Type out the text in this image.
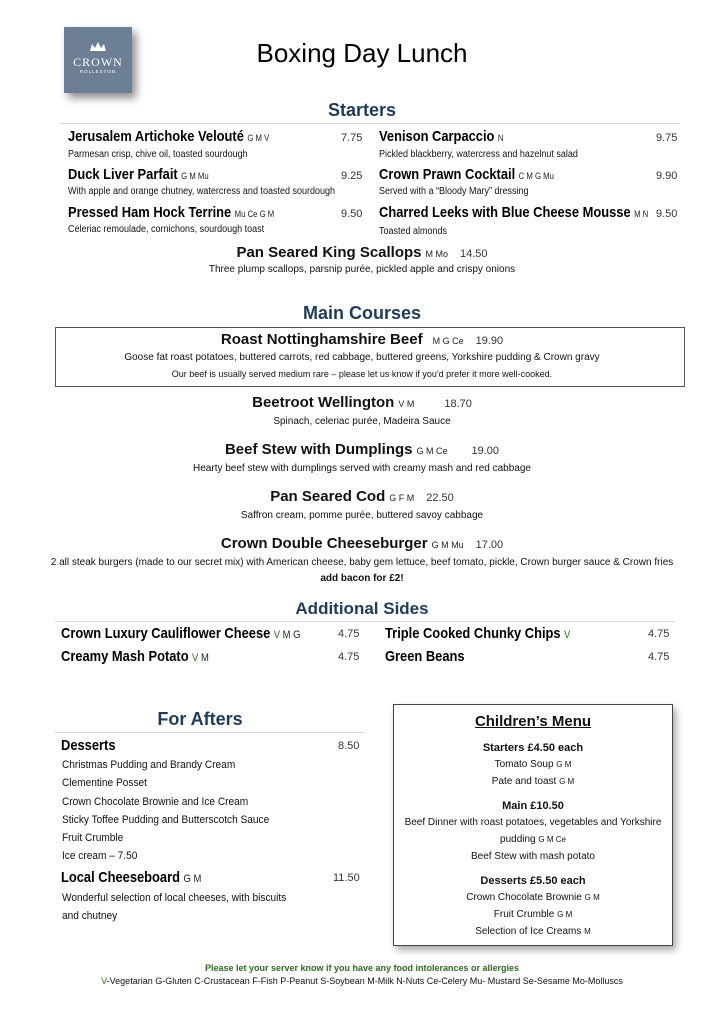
CROWN
ROLLESTON
Boxing Day Lunch
Starters
Jerusalem Artichoke Velouté G M V	7.75
Parmesan crisp, chive oil, toasted sourdough
Duck Liver Parfait G M Mu	9.25
With apple and orange chutney, watercress and toasted sourdough
Pressed Ham Hock Terrine Mu Ce G M	9.50
Celeriac remoulade, cornichons, sourdough toast
Venison Carpaccio N	9.75
Pickled blackberry, watercress and hazelnut salad
Crown Prawn Cocktail C M G Mu	9.90
Served with a “Bloody Mary” dressing
Charred Leeks with Blue Cheese Mousse M N 9.50
Toasted almonds
Pan Seared King Scallops M Mo 14.50
Three plump scallops, parsnip purée, pickled apple and crispy onions
Main Courses
Roast Nottinghamshire Beef M G Ce 19.90
Goose fat roast potatoes, buttered carrots, red cabbage, buttered greens, Yorkshire pudding & Crown gravy
Our beef is usually served medium rare – please let us know if you'd prefer it more well-cooked.
Beetroot Wellington V M	18.70
Spinach, celeriac purée, Madeira Sauce
Beef Stew with Dumplings G M Ce 19.00
Hearty beef stew with dumplings served with creamy mash and red cabbage
Pan Seared Cod G F M 22.50
Saffron cream, pomme purée, buttered savoy cabbage
Crown Double Cheeseburger G M Mu 17.00
2 all steak burgers (made to our secret mix) with American cheese, baby gem lettuce, beef tomato, pickle, Crown burger sauce & Crown fries
add bacon for £2!
Additional Sides
Crown Luxury Cauliflower Cheese V M G	4.75
Creamy Mash Potato V M	4.75
Triple Cooked Chunky Chips V	4.75
Green Beans	4.75
For Afters
Desserts	8.50
Christmas Pudding and Brandy Cream
Clementine Posset
Crown Chocolate Brownie and Ice Cream
Sticky Toffee Pudding and Butterscotch Sauce
Fruit Crumble
Ice cream – 7.50
Local Cheeseboard G M	11.50
Wonderful selection of local cheeses, with biscuits
and chutney
Children’s Menu
Starters £4.50 each
Tomato Soup G M
Pate and toast G M
Main £10.50
Beef Dinner with roast potatoes, vegetables and Yorkshire
pudding G M Ce
Beef Stew with mash potato
Desserts £5.50 each
Crown Chocolate Brownie G M
Fruit Crumble G M
Selection of Ice Creams M
Please let your server know if you have any food intolerances or allergies
V-Vegetarian G-Gluten C-Crustacean F-Fish P-Peanut S-Soybean M-Milk N-Nuts Ce-Celery Mu- Mustard Se-Sesame Mo-Molluscs
